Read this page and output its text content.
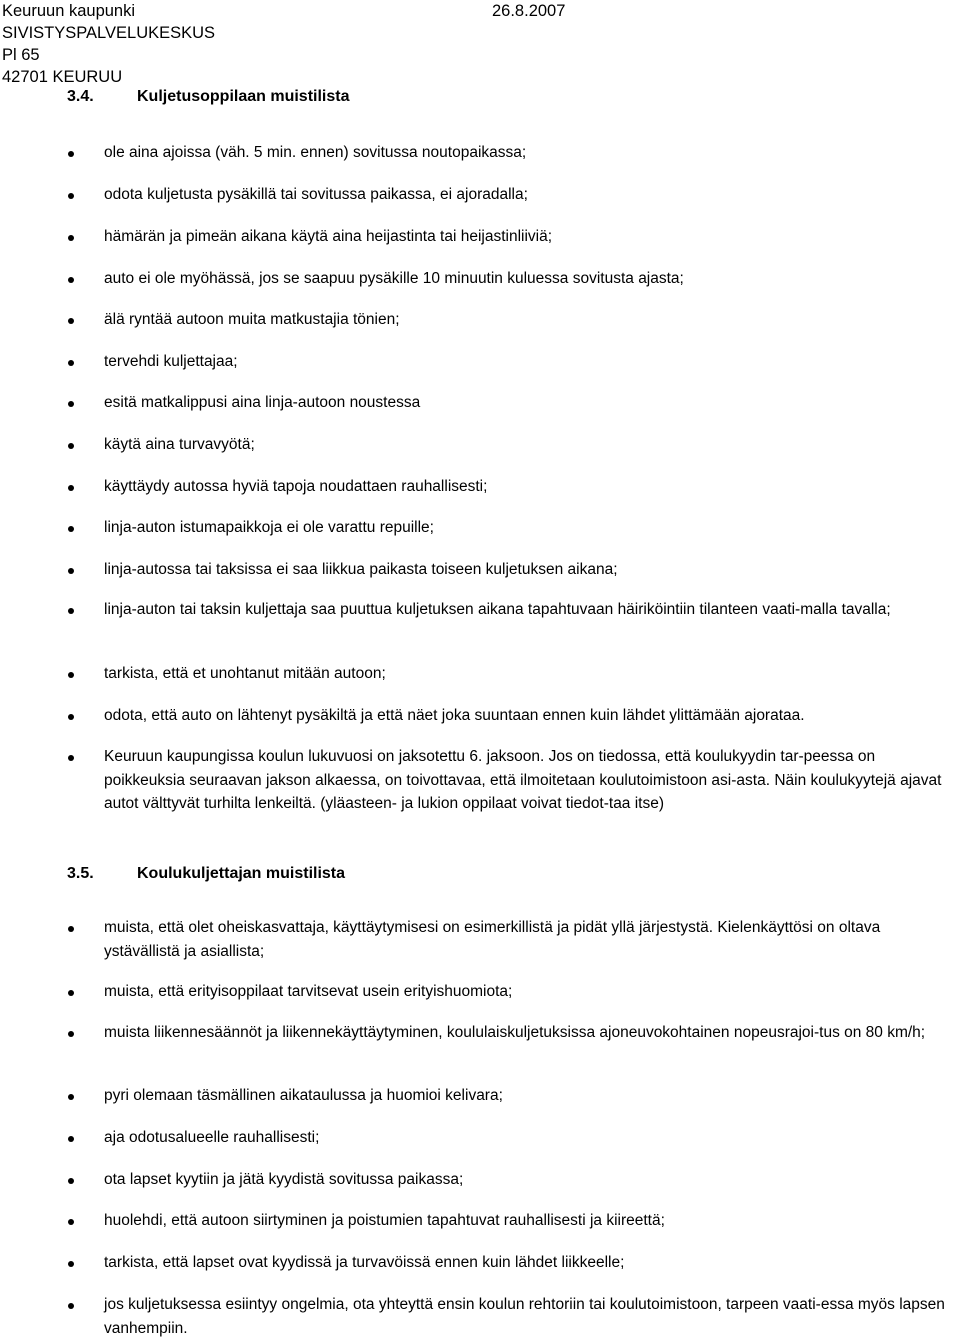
Keuruun kaupunki
SIVISTYSPALVELUKESKUS
Pl 65
42701 KEURUU
26.8.2007
3.4.	Kuljetusoppilaan muistilista
ole aina ajoissa (väh. 5 min. ennen) sovitussa noutopaikassa;
odota kuljetusta pysäkillä tai sovitussa paikassa, ei ajoradalla;
hämärän ja pimeän aikana käytä aina heijastinta tai heijastinliiviä;
auto ei ole myöhässä, jos se saapuu pysäkille 10 minuutin kuluessa sovitusta ajasta;
älä ryntää autoon muita matkustajia tönien;
tervehdi kuljettajaa;
esitä matkalippusi aina linja-autoon noustessa
käytä aina turvavyötä;
käyttäydy autossa hyviä tapoja noudattaen rauhallisesti;
linja-auton istumapaikkoja ei ole varattu repuille;
linja-autossa tai taksissa ei saa liikkua paikasta toiseen kuljetuksen aikana;
linja-auton tai taksin kuljettaja saa puuttua kuljetuksen aikana tapahtuvaan häiriköintiin tilanteen vaati-malla tavalla;
tarkista, että et unohtanut mitään autoon;
odota, että auto on lähtenyt pysäkiltä ja että näet joka suuntaan ennen kuin lähdet ylittämään ajorataa.
Keuruun kaupungissa koulun lukuvuosi on jaksotettu 6. jaksoon. Jos on tiedossa, että koulukyydin tar-peessa on poikkeuksia seuraavan jakson alkaessa, on toivottavaa, että ilmoitetaan koulutoimistoon asi-asta. Näin koulukyytejä ajavat autot välttyvät turhilta lenkeiltä. (yläasteen- ja lukion oppilaat voivat tiedot-taa itse)
3.5.	Koulukuljettajan muistilista
muista, että olet oheiskasvattaja, käyttäytymisesi on esimerkillistä ja pidät yllä järjestystä. Kielenkäyttösi on oltava ystävällistä ja asiallista;
muista, että erityisoppilaat tarvitsevat usein erityishuomiota;
muista liikennesäännöt ja liikennekäyttäytyminen, koululaiskuljetuksissa ajoneuvokohtainen nopeusrajoi-tus on 80 km/h;
pyri olemaan täsmällinen aikataulussa ja huomioi kelivara;
aja odotusalueelle rauhallisesti;
ota lapset kyytiin ja jätä kyydistä sovitussa paikassa;
huolehdi, että autoon siirtyminen ja poistumien tapahtuvat rauhallisesti ja kiireettä;
tarkista, että lapset ovat kyydissä ja turvavöissä ennen kuin lähdet liikkeelle;
jos kuljetuksessa esiintyy ongelmia, ota yhteyttä ensin koulun rehtoriin tai koulutoimistoon, tarpeen vaati-essa myös lapsen vanhempiin.
